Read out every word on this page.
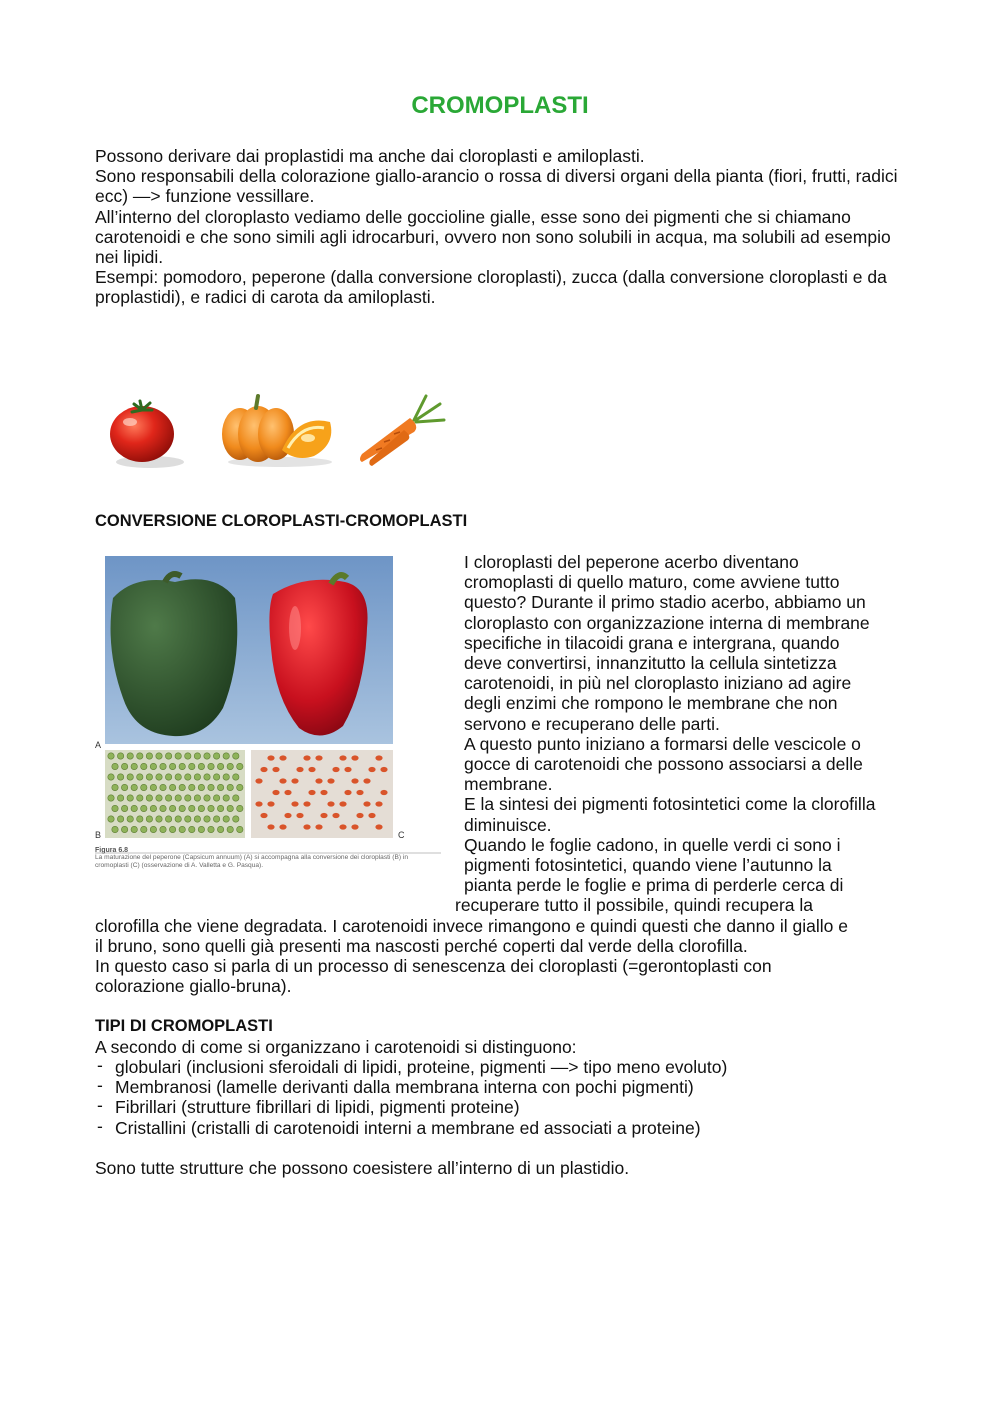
CROMOPLASTI

Possono derivare dai proplastidi ma anche dai cloroplasti e amiloplasti.

Sono responsabili della colorazione giallo-arancio o rossa di diversi organi della pianta (fiori, frutti, radici ecc) —> funzione vessillare.

All’interno del cloroplasto vediamo delle goccioline gialle, esse sono dei pigmenti che si chiamano carotenoidi e che sono simili agli idrocarburi, ovvero non sono solubili in acqua, ma solubili ad esempio nei lipidi.

Esempi: pomodoro, peperone (dalla conversione cloroplasti), zucca (dalla conversione cloroplasti e da proplastidi), e radici di carota da amiloplasti.

CONVERSIONE CLOROPLASTI-CROMOPLASTI
A
B	C
Figura 6.8
La maturazione del peperone (Capsicum annuum) (A) si accompagna alla conversione dei cloroplasti (B) in cromoplasti (C) (osservazione di A. Valletta e G. Pasqua).
I cloroplasti del peperone acerbo diventano
cromoplasti di quello maturo, come avviene tutto
questo? Durante il primo stadio acerbo, abbiamo un
cloroplasto con organizzazione interna di membrane
specifiche in tilacoidi grana e intergrana, quando
deve convertirsi, innanzitutto la cellula sintetizza
carotenoidi, in più nel cloroplasto iniziano ad agire
degli enzimi che rompono le membrane che non
servono e recuperano delle parti.
A questo punto iniziano a formarsi delle vescicole o
gocce di carotenoidi che possono associarsi a delle
membrane.
E la sintesi dei pigmenti fotosintetici come la clorofilla
diminuisce.
Quando le foglie cadono, in quelle verdi ci sono i
pigmenti fotosintetici, quando viene l’autunno la
pianta perde le foglie e prima di perderle cerca di
recuperare tutto il possibile, quindi recupera la
clorofilla che viene degradata. I carotenoidi invece rimangono e quindi questi che danno il giallo e
il bruno, sono quelli già presenti ma nascosti perché coperti dal verde della clorofilla.
In questo caso si parla di un processo di senescenza dei cloroplasti (=gerontoplasti con
colorazione giallo-bruna).
TIPI DI CROMOPLASTI
A secondo di come si organizzano i carotenoidi si distinguono:
- globulari (inclusioni sferoidali di lipidi, proteine, pigmenti —> tipo meno evoluto)
- Membranosi (lamelle derivanti dalla membrana interna con pochi pigmenti)
- Fibrillari (strutture fibrillari di lipidi, pigmenti proteine)
- Cristallini (cristalli di carotenoidi interni a membrane ed associati a proteine)
Sono tutte strutture che possono coesistere all’interno di un plastidio.
